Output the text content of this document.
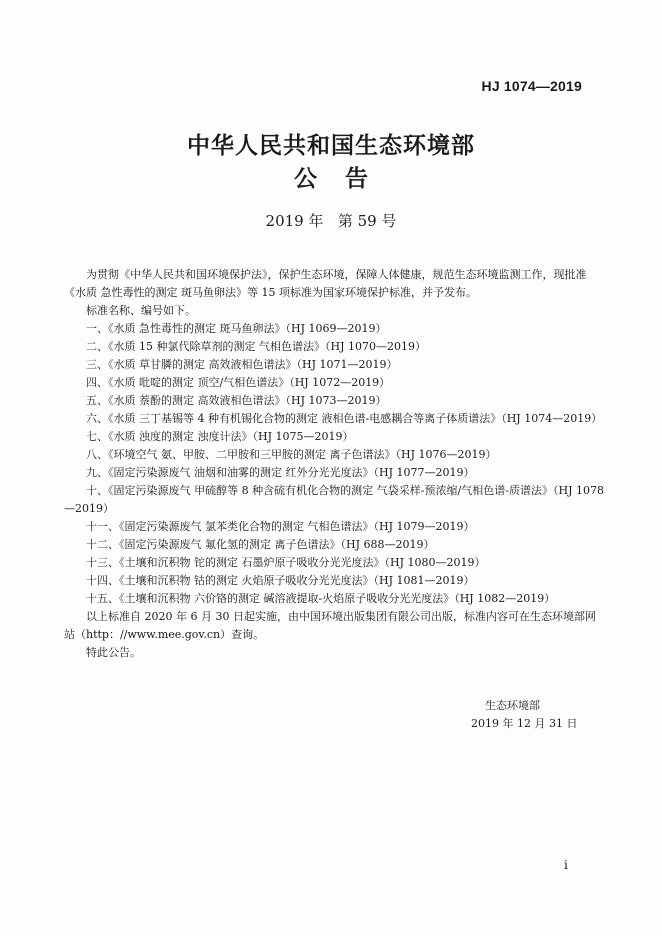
HJ 1074—2019
中华人民共和国生态环境部
公告
2019 年 第 59 号

为贯彻《中华人民共和国环境保护法》，保护生态环境，保障人体健康，规范生态环境监测工作，现批准《水质 急性毒性的测定 斑马鱼卵法》等 15 项标准为国家环境保护标准，并予发布。

标准名称、编号如下。

一、《水质 急性毒性的测定 斑马鱼卵法》（HJ 1069—2019）

二、《水质 15 种氯代除草剂的测定 气相色谱法》（HJ 1070—2019）

三、《水质 草甘膦的测定 高效液相色谱法》（HJ 1071—2019）

四、《水质 吡啶的测定 顶空/气相色谱法》（HJ 1072—2019）

五、《水质 萘酚的测定 高效液相色谱法》（HJ 1073—2019）

六、《水质 三丁基锡等 4 种有机锡化合物的测定 液相色谱-电感耦合等离子体质谱法》（HJ 1074—2019）

七、《水质 浊度的测定 浊度计法》（HJ 1075—2019）

八、《环境空气 氨、甲胺、二甲胺和三甲胺的测定 离子色谱法》（HJ 1076—2019）

九、《固定污染源废气 油烟和油雾的测定 红外分光光度法》（HJ 1077—2019）

十、《固定污染源废气 甲硫醇等 8 种含硫有机化合物的测定 气袋采样-预浓缩/气相色谱-质谱法》（HJ 1078—2019）

十一、《固定污染源废气 氯苯类化合物的测定 气相色谱法》（HJ 1079—2019）

十二、《固定污染源废气 氟化氢的测定 离子色谱法》（HJ 688—2019）

十三、《土壤和沉积物 铊的测定 石墨炉原子吸收分光光度法》（HJ 1080—2019）

十四、《土壤和沉积物 钴的测定 火焰原子吸收分光光度法》（HJ 1081—2019）

十五、《土壤和沉积物 六价铬的测定 碱溶液提取-火焰原子吸收分光光度法》（HJ 1082—2019）

以上标准自 2020 年 6 月 30 日起实施，由中国环境出版集团有限公司出版，标准内容可在生态环境部网站（http：//www.mee.gov.cn）查询。

特此公告。

生态环境部
2019 年 12 月 31 日
i
